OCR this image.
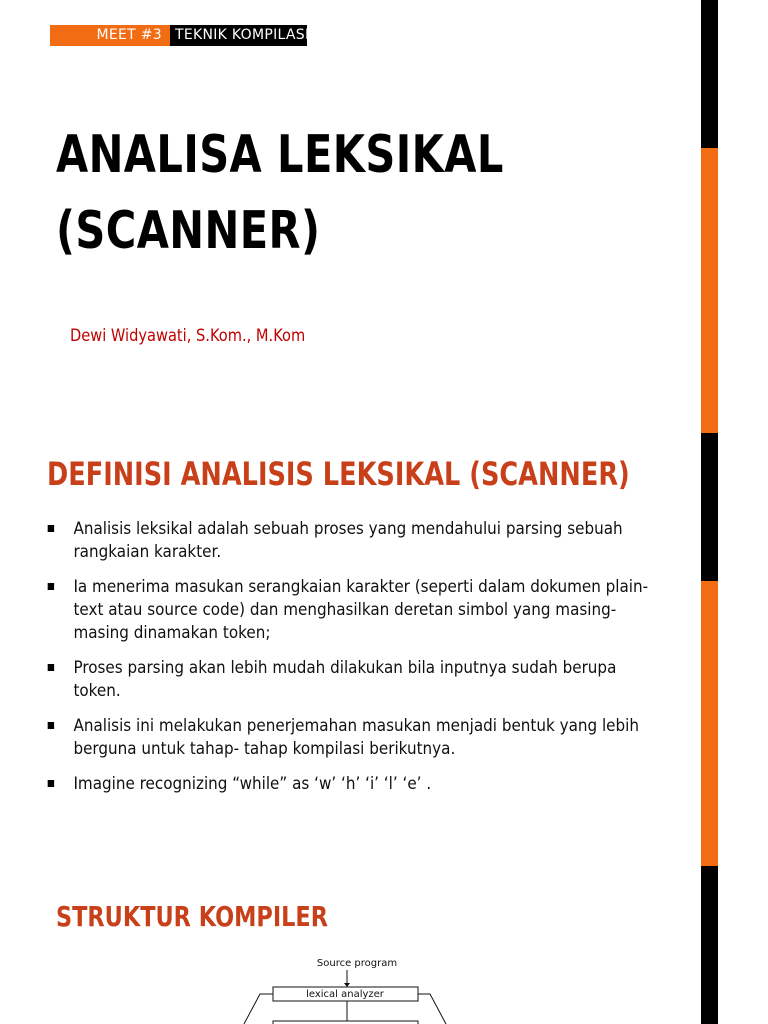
MEET #3 TEKNIK KOMPILASI
ANALISA LEKSIKAL
(SCANNER)
Dewi Widyawati, S.Kom., M.Kom
DEFINISI ANALISIS LEKSIKAL (SCANNER)
Analisis leksikal adalah sebuah proses yang mendahului parsing sebuah rangkaian karakter.
Ia menerima masukan serangkaian karakter (seperti dalam dokumen plain-text atau source code) dan menghasilkan deretan simbol yang masing-masing dinamakan token;
Proses parsing akan lebih mudah dilakukan bila inputnya sudah berupa token.
Analisis ini melakukan penerjemahan masukan menjadi bentuk yang lebih berguna untuk tahap- tahap kompilasi berikutnya.
Imagine recognizing “while” as ‘w’ ‘h’ ‘i’ ‘l’ ‘e’ .
STRUKTUR KOMPILER
Source program
lexical analyzer
